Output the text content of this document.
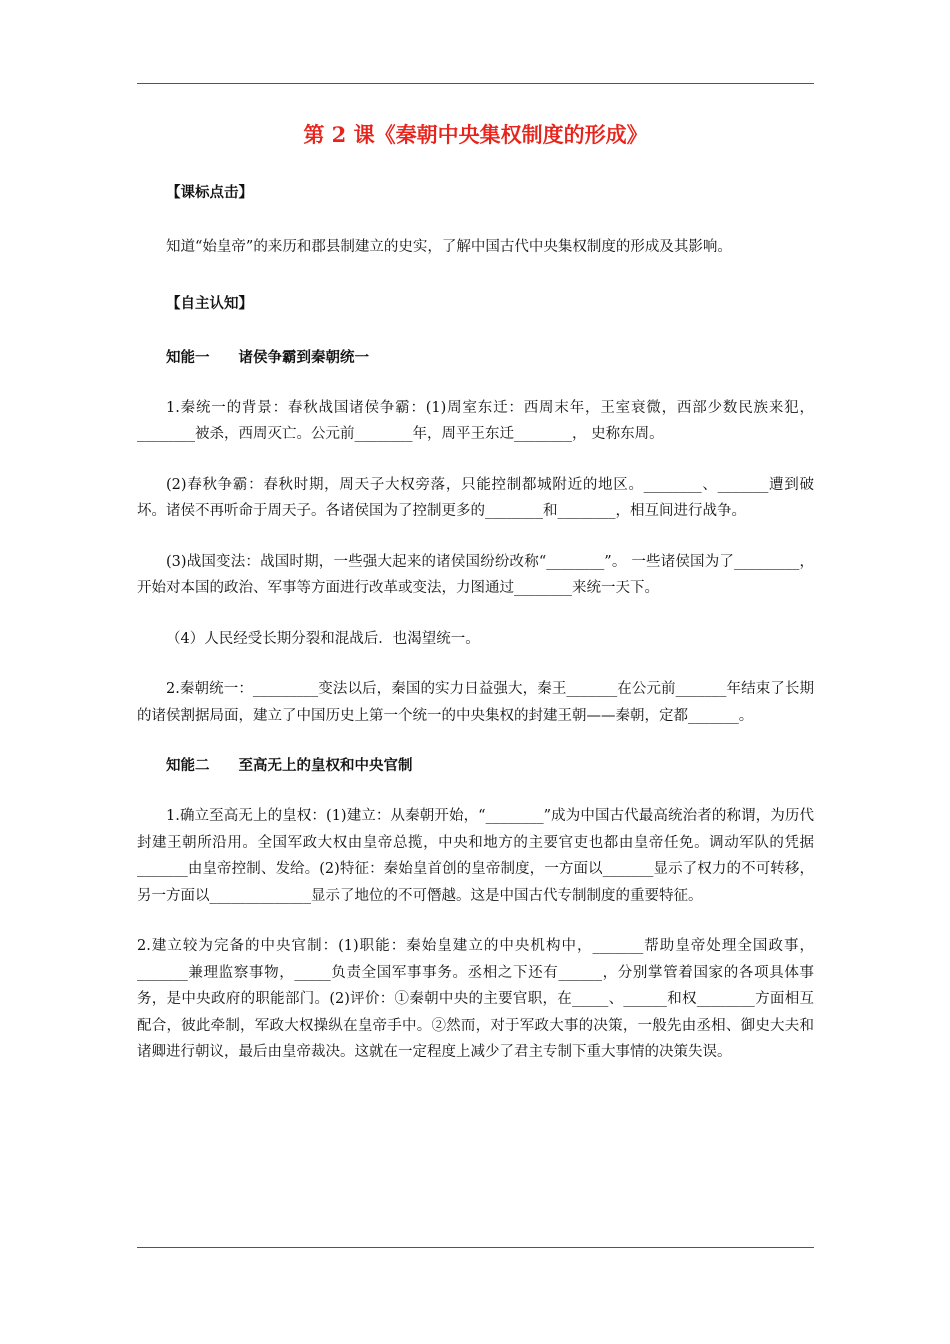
第 2 课《秦朝中央集权制度的形成》
【课标点击】

知道“始皇帝”的来历和郡县制建立的史实，了解中国古代中央集权制度的形成及其影响。

【自主认知】
知能一　　诸侯争霸到秦朝统一

1.秦统一的背景：春秋战国诸侯争霸：(1)周室东迁：西周末年，王室衰微，西部少数民族来犯，________被杀，西周灭亡。公元前________年，周平王东迁________， 史称东周。

(2)春秋争霸：春秋时期，周天子大权旁落，只能控制都城附近的地区。________、_______遭到破坏。诸侯不再听命于周天子。各诸侯国为了控制更多的________和________，相互间进行战争。

(3)战国变法：战国时期，一些强大起来的诸侯国纷纷改称“________”。 一些诸侯国为了_________，开始对本国的政治、军事等方面进行改革或变法，力图通过________来统一天下。

（4）人民经受长期分裂和混战后．也渴望统一。

2.秦朝统一：_________变法以后，秦国的实力日益强大，秦王_______在公元前_______年结束了长期的诸侯割据局面，建立了中国历史上第一个统一的中央集权的封建王朝——秦朝，定都_______。

知能二　　至高无上的皇权和中央官制

1.确立至高无上的皇权：(1)建立：从秦朝开始，“________”成为中国古代最高统治者的称谓，为历代封建王朝所沿用。全国军政大权由皇帝总揽，中央和地方的主要官吏也都由皇帝任免。调动军队的凭据_______由皇帝控制、发给。(2)特征：秦始皇首创的皇帝制度，一方面以_______显示了权力的不可转移，另一方面以______________显示了地位的不可僭越。这是中国古代专制制度的重要特征。

2.建立较为完备的中央官制：(1)职能：秦始皇建立的中央机构中，_______帮助皇帝处理全国政事，_______兼理监察事物，_____负责全国军事事务。丞相之下还有______，分别掌管着国家的各项具体事务，是中央政府的职能部门。(2)评价：①秦朝中央的主要官职，在_____、______和权________方面相互配合，彼此牵制，军政大权操纵在皇帝手中。②然而，对于军政大事的决策，一般先由丞相、御史大夫和诸卿进行朝议，最后由皇帝裁决。这就在一定程度上减少了君主专制下重大事情的决策失误。
